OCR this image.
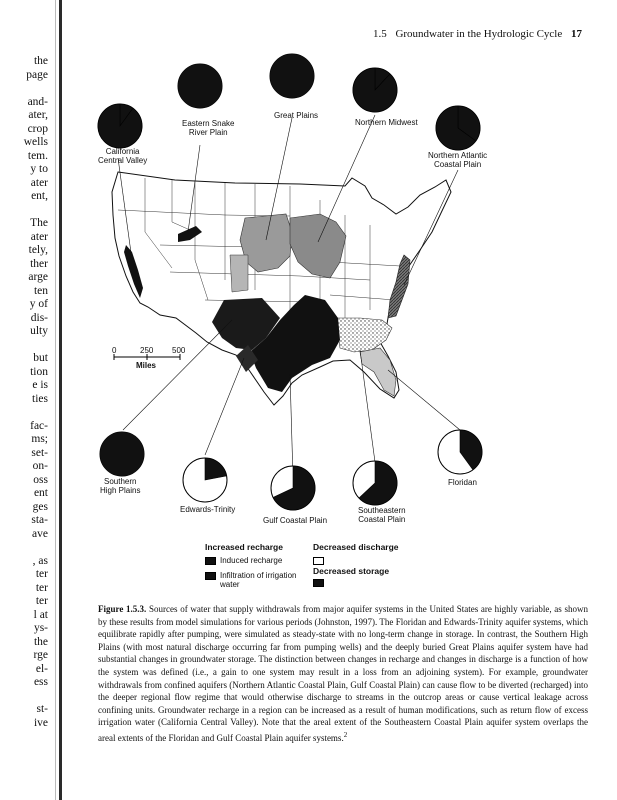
the
page
and-
ater,
crop
wells
tem.
y to
ater
ent,
The
ater
tely,
ther
arge
ten
y of
dis-
ulty
but
tion
e is
ties
fac-
ms;
set-
on-
oss
ent
ges
sta-
ave
, as
ter
ter
ter
l at
ys-
the
rge
el-
ess
st-
ive
1.5 Groundwater in the Hydrologic Cycle 17
0	250 500
Miles
California
Central Valley
Eastern Snake
River Plain
Great Plains
Northern Midwest
Northern Atlantic
Coastal Plain
Southern
High Plains
Edwards-Trinity
Gulf Coastal Plain
Southeastern
Coastal Plain
Floridan
Increased recharge
Induced recharge
Infiltration of irrigation
water
Decreased discharge
Decreased storage
Figure 1.5.3. Sources of water that supply withdrawals from major aquifer systems in the United States are highly variable, as shown by these results from model simulations for various periods (Johnston, 1997). The Floridan and Edwards-Trinity aquifer systems, which equilibrate rapidly after pumping, were simulated as steady-state with no long-term change in storage. In contrast, the Southern High Plains (with most natural discharge occurring far from pumping wells) and the deeply buried Great Plains aquifer system have had substantial changes in groundwater storage. The distinction between changes in recharge and changes in discharge is a function of how the system was defined (i.e., a gain to one system may result in a loss from an adjoining system). For example, groundwater withdrawals from confined aquifers (Northern Atlantic Coastal Plain, Gulf Coastal Plain) can cause flow to be diverted (recharged) into the deeper regional flow regime that would otherwise discharge to streams in the outcrop areas or cause vertical leakage across confining units. Groundwater recharge in a region can be increased as a result of human modifications, such as return flow of excess irrigation water (California Central Valley). Note that the areal extent of the Southeastern Coastal Plain aquifer system overlaps the areal extents of the Floridan and Gulf Coastal Plain aquifer systems.$^2$
